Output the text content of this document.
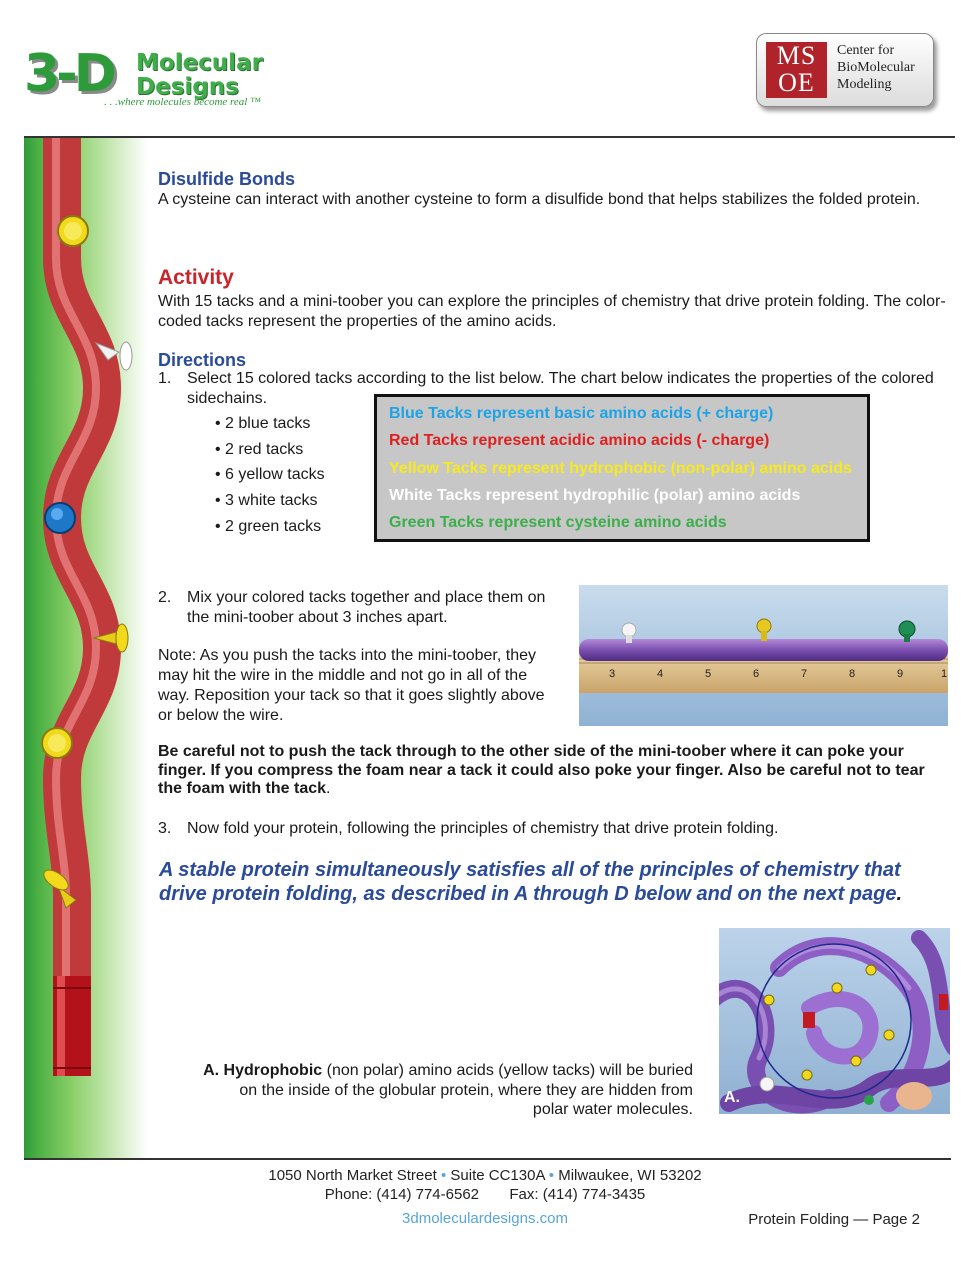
3-D Molecular
Designs
. . .where molecules become real ™
MS
OE
Center for
BioMolecular
Modeling
Disulfide Bonds
A cysteine can interact with another cysteine to form a disulfide bond that helps stabilizes the folded protein.
Activity
With 15 tacks and a mini-toober you can explore the principles of chemistry that drive protein folding. The color-coded tacks represent the properties of the amino acids.
Directions
1. Select 15 colored tacks according to the list below. The chart below indicates the properties of the colored sidechains.
• 2 blue tacks
• 2 red tacks
• 6 yellow tacks
• 3 white tacks
• 2 green tacks
Blue Tacks represent basic amino acids (+ charge)
Red Tacks represent acidic amino acids (- charge)
Yellow Tacks represent hydrophobic (non-polar) amino acids
White Tacks represent hydrophilic (polar) amino acids
Green Tacks represent cysteine amino acids
2. Mix your colored tacks together and place them on the mini-toober about 3 inches apart.
Note: As you push the tacks into the mini-toober, they may hit the wire in the middle and not go in all of the way. Reposition your tack so that it goes slightly above or below the wire.
3	4	5	6	7	8	9	1
Be careful not to push the tack through to the other side of the mini-toober where it can poke your finger. If you compress the foam near a tack it could also poke your finger. Also be careful not to tear the foam with the tack.
3. Now fold your protein, following the principles of chemistry that drive protein folding.
A stable protein simultaneously satisfies all of the principles of chemistry that drive protein folding, as described in A through D below and on the next page.
A.
A. Hydrophobic (non polar) amino acids (yellow tacks) will be buried on the inside of the globular protein, where they are hidden from polar water molecules.
1050 North Market Street • Suite CC130A • Milwaukee, WI 53202
Phone: (414) 774-6562 Fax: (414) 774-3435
3dmoleculardesigns.com	Protein Folding — Page 2
